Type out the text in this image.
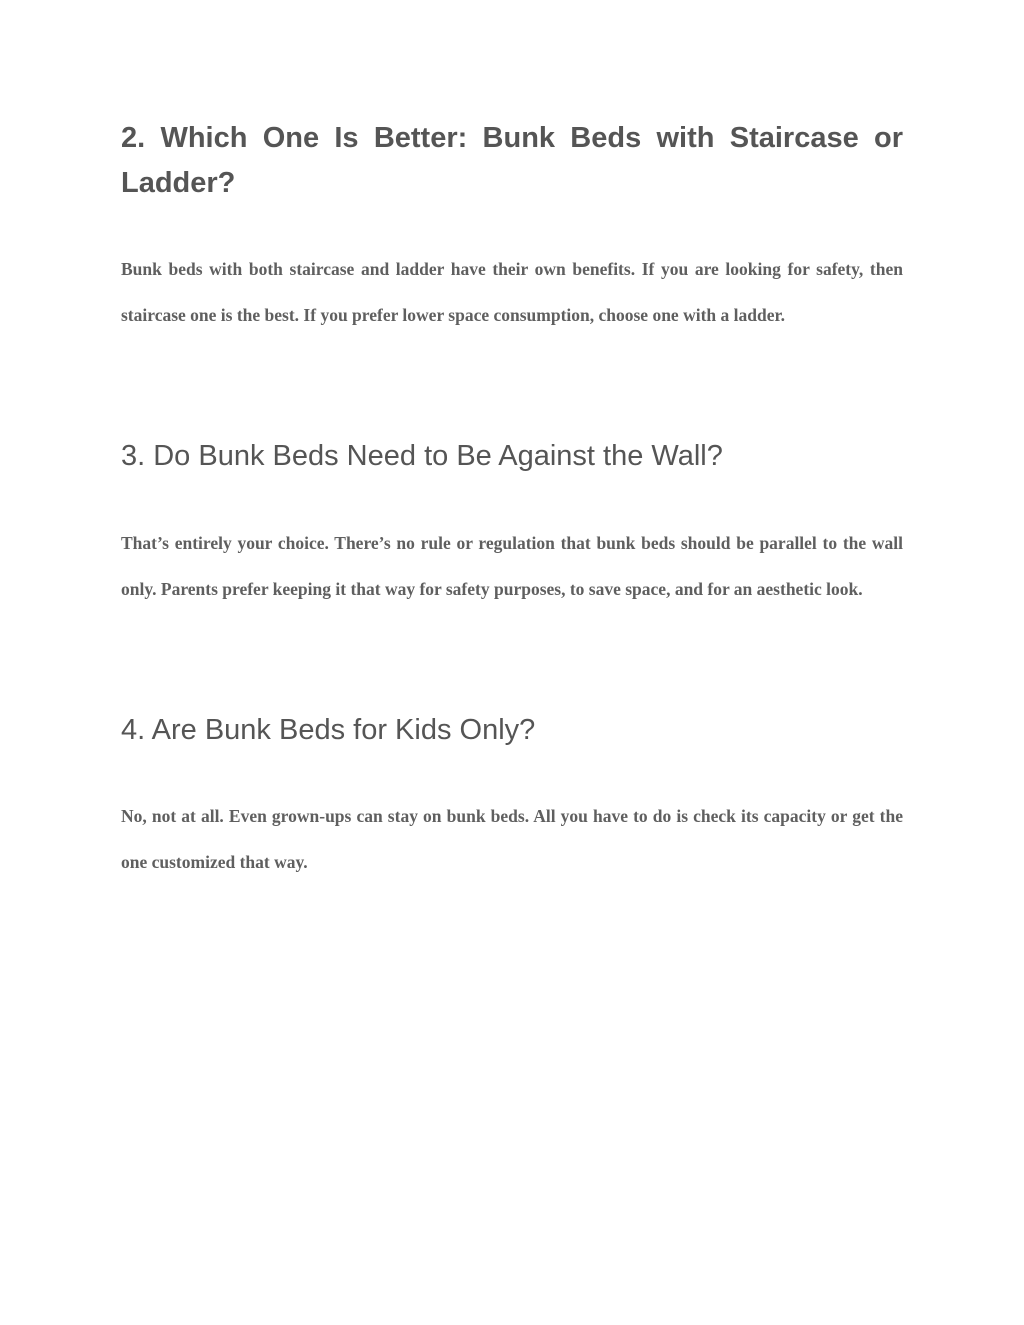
2. Which One Is Better: Bunk Beds with Staircase or Ladder?

Bunk beds with both staircase and ladder have their own benefits. If you are looking for safety, then staircase one is the best. If you prefer lower space consumption, choose one with a ladder.

3. Do Bunk Beds Need to Be Against the Wall?

That’s entirely your choice. There’s no rule or regulation that bunk beds should be parallel to the wall only. Parents prefer keeping it that way for safety purposes, to save space, and for an aesthetic look.

4. Are Bunk Beds for Kids Only?

No, not at all. Even grown-ups can stay on bunk beds. All you have to do is check its capacity or get the one customized that way.
